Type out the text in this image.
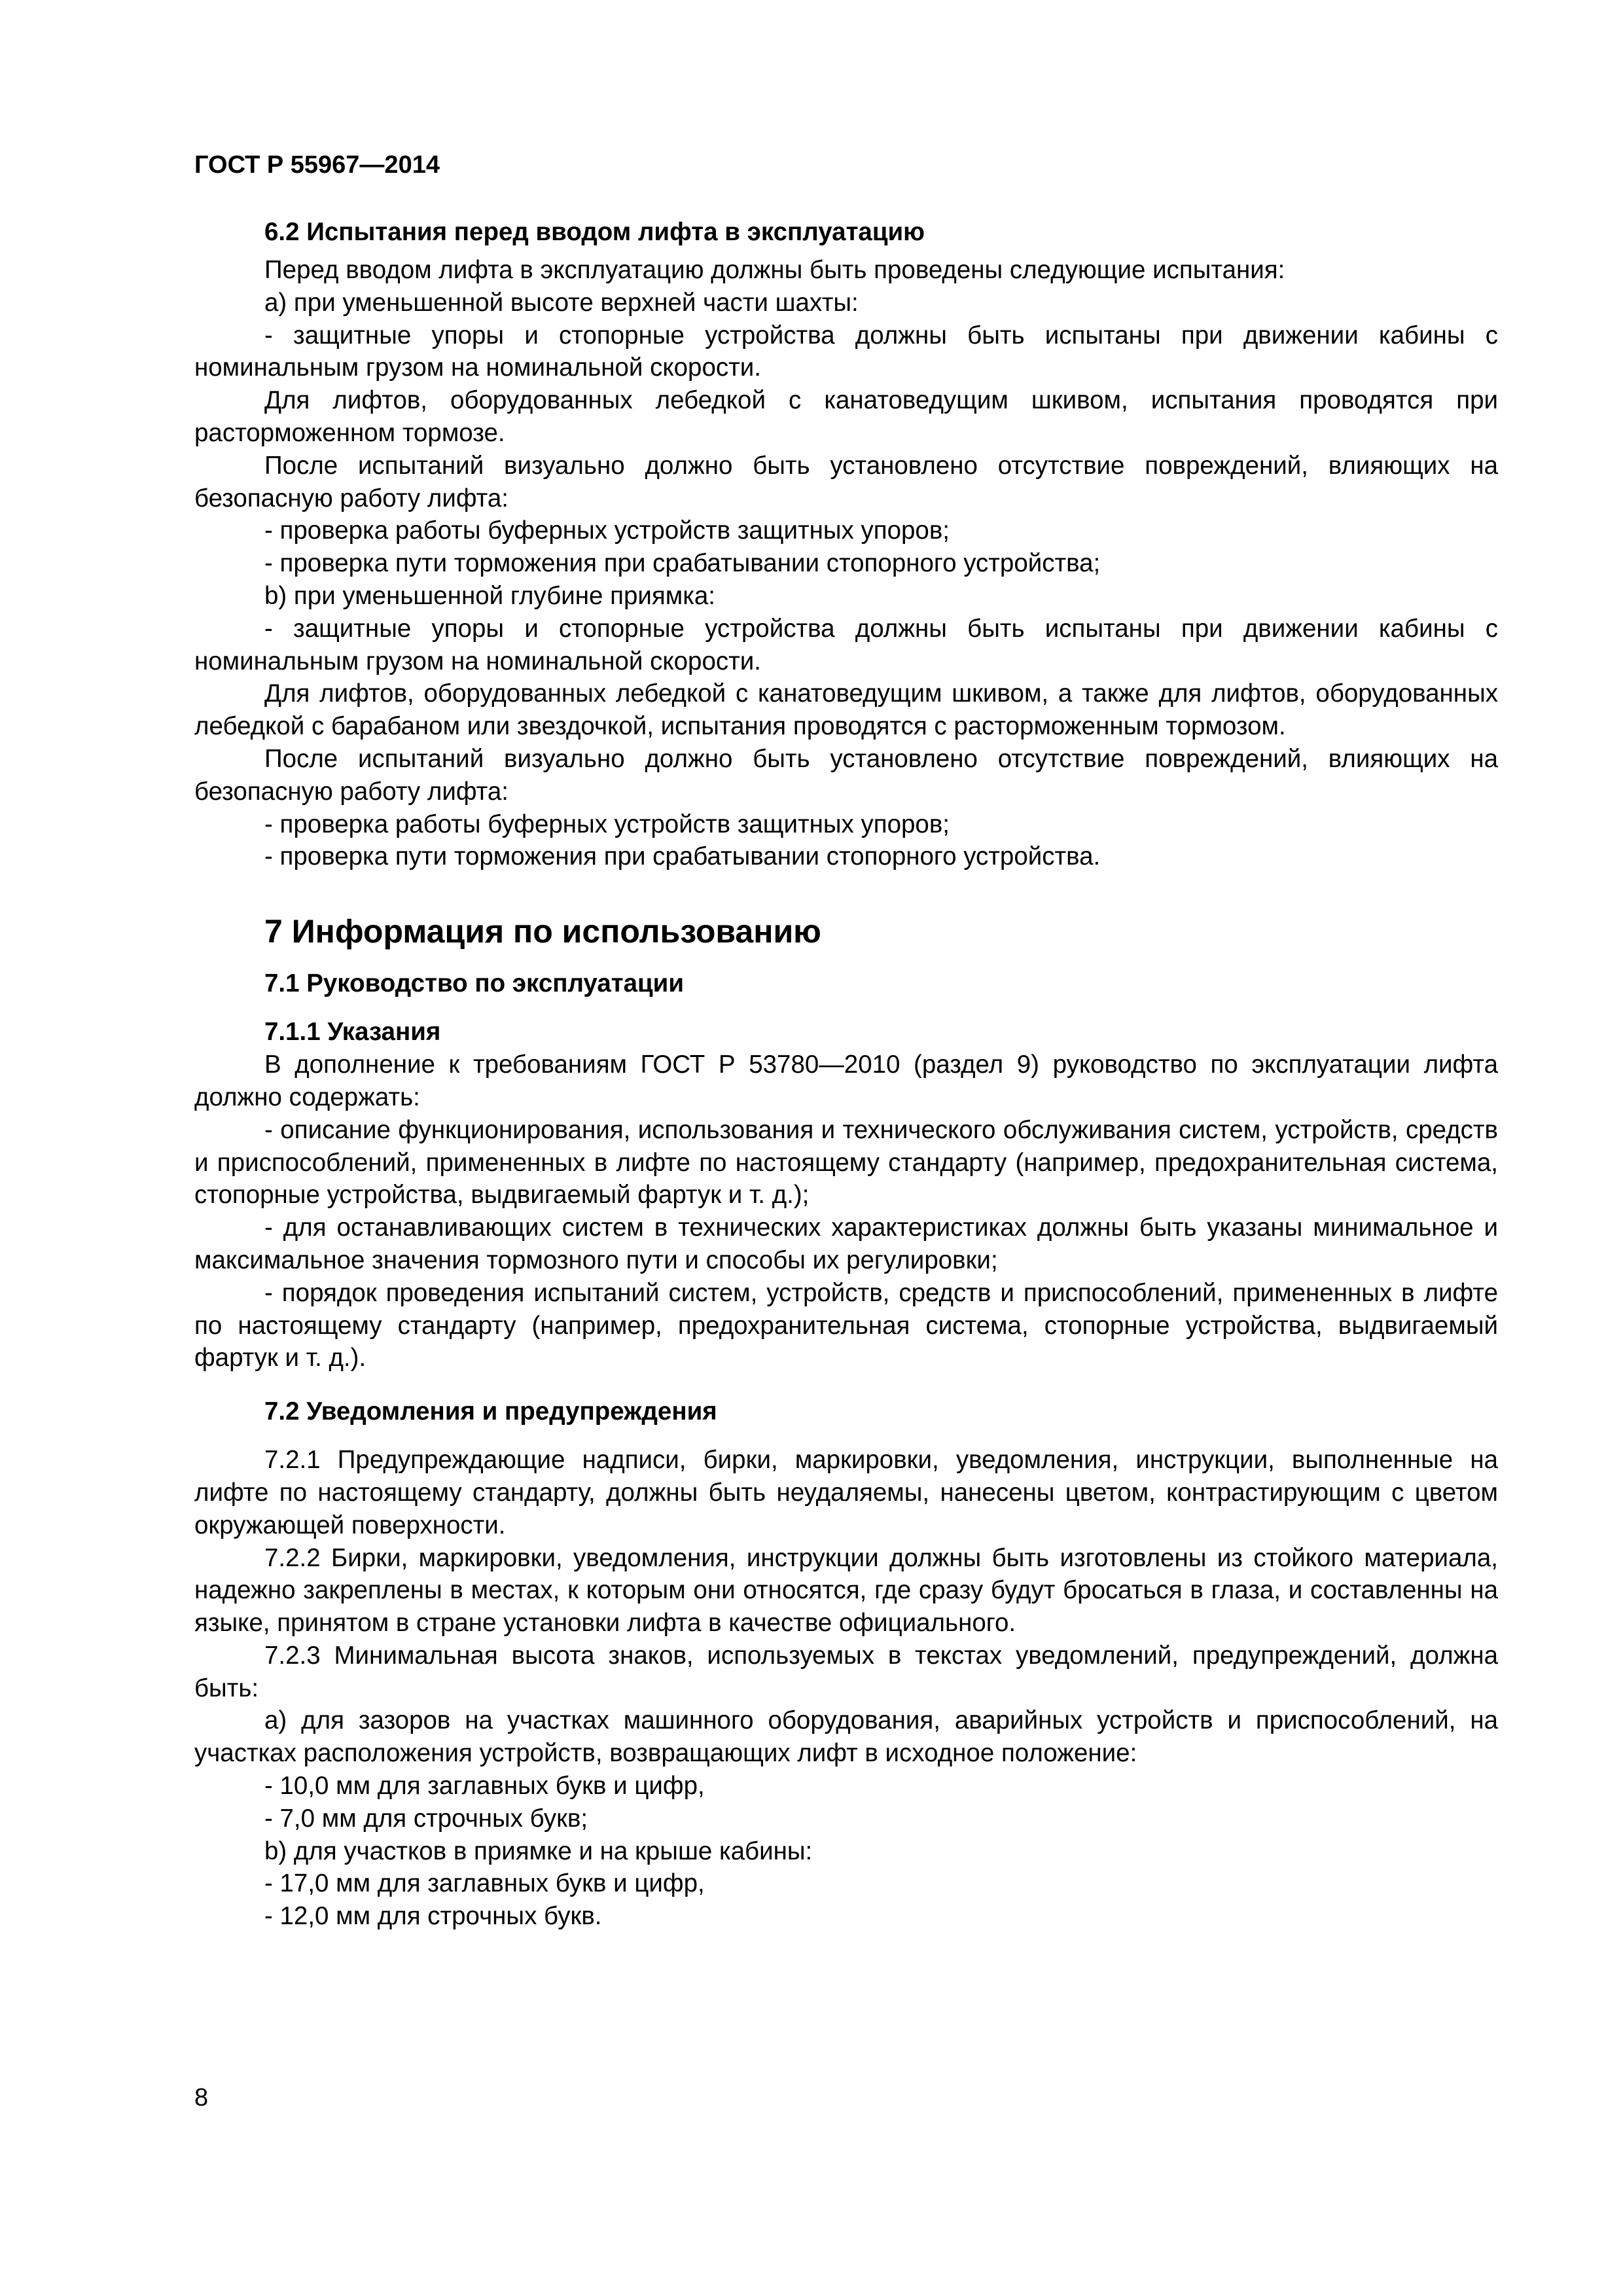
ГОСТ Р 55967—2014
6.2 Испытания перед вводом лифта в эксплуатацию

Перед вводом лифта в эксплуатацию должны быть проведены следующие испытания:

а) при уменьшенной высоте верхней части шахты:

- защитные упоры и стопорные устройства должны быть испытаны при движении кабины с номинальным грузом на номинальной скорости.

Для лифтов, оборудованных лебедкой с канатоведущим шкивом, испытания проводятся при расторможенном тормозе.

После испытаний визуально должно быть установлено отсутствие повреждений, влияющих на безопасную работу лифта:

- проверка работы буферных устройств защитных упоров;

- проверка пути торможения при срабатывании стопорного устройства;

b) при уменьшенной глубине приямка:

- защитные упоры и стопорные устройства должны быть испытаны при движении кабины с номинальным грузом на номинальной скорости.

Для лифтов, оборудованных лебедкой с канатоведущим шкивом, а также для лифтов, оборудованных лебедкой с барабаном или звездочкой, испытания проводятся с расторможенным тормозом.

После испытаний визуально должно быть установлено отсутствие повреждений, влияющих на безопасную работу лифта:

- проверка работы буферных устройств защитных упоров;

- проверка пути торможения при срабатывании стопорного устройства.

7 Информация по использованию
7.1 Руководство по эксплуатации
7.1.1 Указания

В дополнение к требованиям ГОСТ Р 53780—2010 (раздел 9) руководство по эксплуатации лифта должно содержать:

- описание функционирования, использования и технического обслуживания систем, устройств, средств и приспособлений, примененных в лифте по настоящему стандарту (например, предохранительная система, стопорные устройства, выдвигаемый фартук и т. д.);

- для останавливающих систем в технических характеристиках должны быть указаны минимальное и максимальное значения тормозного пути и способы их регулировки;

- порядок проведения испытаний систем, устройств, средств и приспособлений, примененных в лифте по настоящему стандарту (например, предохранительная система, стопорные устройства, выдвигаемый фартук и т. д.).

7.2 Уведомления и предупреждения

7.2.1 Предупреждающие надписи, бирки, маркировки, уведомления, инструкции, выполненные на лифте по настоящему стандарту, должны быть неудаляемы, нанесены цветом, контрастирующим с цветом окружающей поверхности.

7.2.2 Бирки, маркировки, уведомления, инструкции должны быть изготовлены из стойкого материала, надежно закреплены в местах, к которым они относятся, где сразу будут бросаться в глаза, и составленны на языке, принятом в стране установки лифта в качестве официального.

7.2.3 Минимальная высота знаков, используемых в текстах уведомлений, предупреждений, должна быть:

а) для зазоров на участках машинного оборудования, аварийных устройств и приспособлений, на участках расположения устройств, возвращающих лифт в исходное положение:

- 10,0 мм для заглавных букв и цифр,

- 7,0 мм для строчных букв;

b) для участков в приямке и на крыше кабины:

- 17,0 мм для заглавных букв и цифр,

- 12,0 мм для строчных букв.

8
